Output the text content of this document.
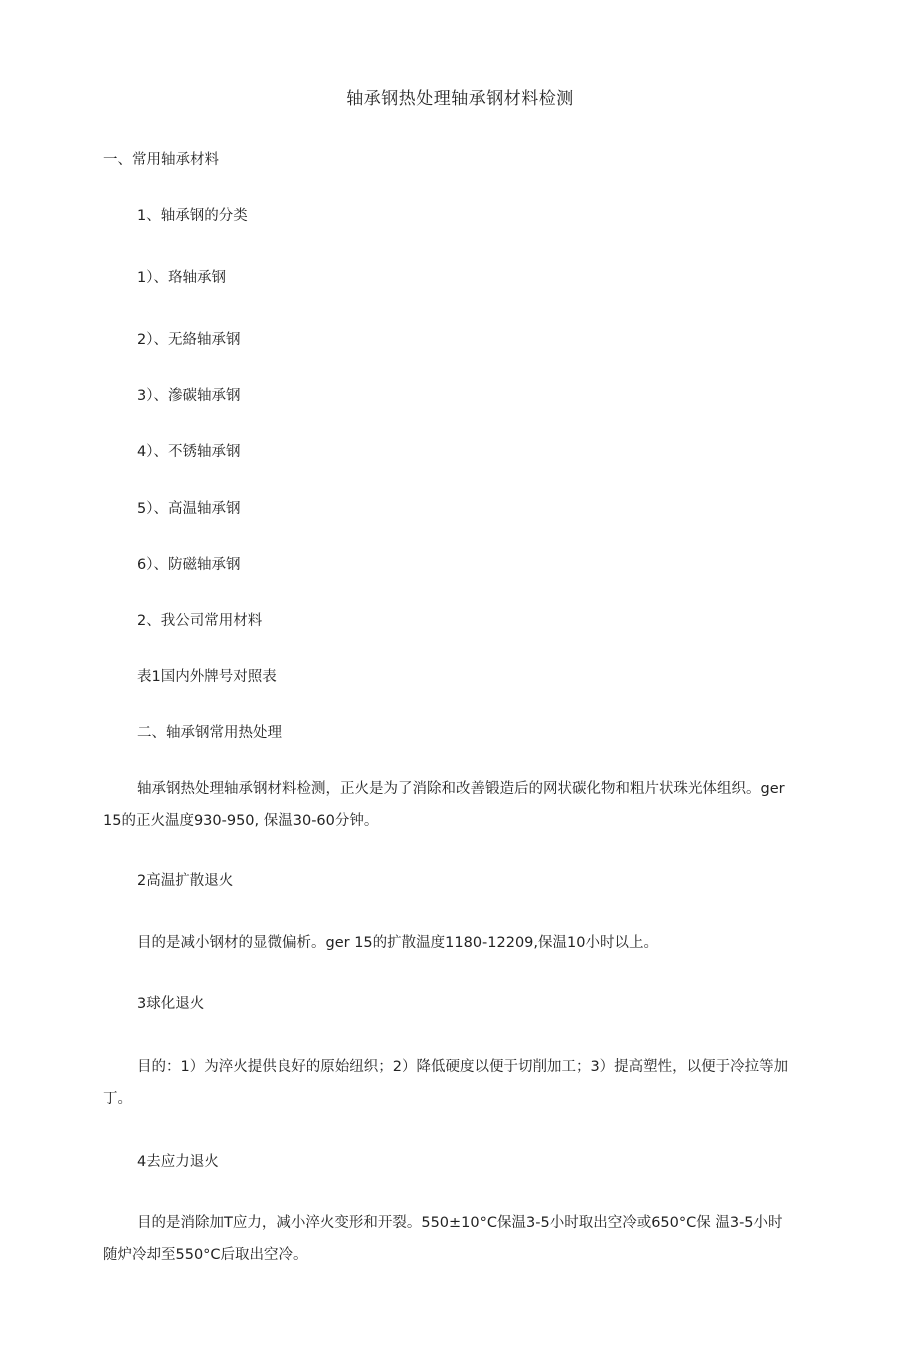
轴承钢热处理轴承钢材料检测
一、常用轴承材料
1、轴承钢的分类
1）、珞轴承钢
2）、无絡轴承钢
3）、滲碳轴承钢
4）、不锈轴承钢
5）、高温轴承钢
6）、防磁轴承钢
2、我公司常用材料
表1国内外牌号对照表
二、轴承钢常用热处理
轴承钢热处理轴承钢材料检测，正火是为了消除和改善锻造后的网状碳化物和粗片状珠光体组织。ger 15的正火温度930-950, 保温30-60分钟。
2高温扩散退火
目的是减小钢材的显微偏析。ger 15的扩散温度1180-12209,保温10小时以上。
3球化退火
目的：1）为淬火提供良好的原始纽织；2）降低硬度以便于切削加工；3）提高塑性，以便于冷拉等加丁。
4去应力退火
目的是消除加T应力，减小淬火变形和开裂。550±10°C保温3-5小时取出空冷或650°C保 温3-5小时随炉冷却至550°C后取出空冷。
